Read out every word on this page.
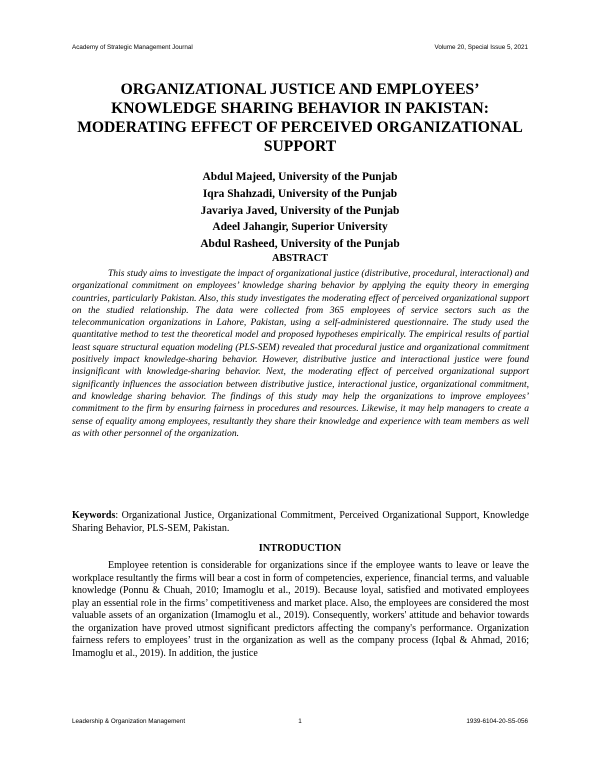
Academy of Strategic Management Journal	Volume 20, Special Issue 5, 2021
ORGANIZATIONAL JUSTICE AND EMPLOYEES’ KNOWLEDGE SHARING BEHAVIOR IN PAKISTAN: MODERATING EFFECT OF PERCEIVED ORGANIZATIONAL SUPPORT
Abdul Majeed, University of the Punjab
Iqra Shahzadi, University of the Punjab
Javariya Javed, University of the Punjab
Adeel Jahangir, Superior University
Abdul Rasheed, University of the Punjab
ABSTRACT
This study aims to investigate the impact of organizational justice (distributive, procedural, interactional) and organizational commitment on employees’ knowledge sharing behavior by applying the equity theory in emerging countries, particularly Pakistan. Also, this study investigates the moderating effect of perceived organizational support on the studied relationship. The data were collected from 365 employees of service sectors such as the telecommunication organizations in Lahore, Pakistan, using a self-administered questionnaire. The study used the quantitative method to test the theoretical model and proposed hypotheses empirically. The empirical results of partial least square structural equation modeling (PLS-SEM) revealed that procedural justice and organizational commitment positively impact knowledge-sharing behavior. However, distributive justice and interactional justice were found insignificant with knowledge-sharing behavior. Next, the moderating effect of perceived organizational support significantly influences the association between distributive justice, interactional justice, organizational commitment, and knowledge sharing behavior. The findings of this study may help the organizations to improve employees’ commitment to the firm by ensuring fairness in procedures and resources. Likewise, it may help managers to create a sense of equality among employees, resultantly they share their knowledge and experience with team members as well as with other personnel of the organization.
Keywords: Organizational Justice, Organizational Commitment, Perceived Organizational Support, Knowledge Sharing Behavior, PLS-SEM, Pakistan.
INTRODUCTION
Employee retention is considerable for organizations since if the employee wants to leave or leave the workplace resultantly the firms will bear a cost in form of competencies, experience, financial terms, and valuable knowledge (Ponnu & Chuah, 2010; Imamoglu et al., 2019). Because loyal, satisfied and motivated employees play an essential role in the firms’ competitiveness and market place. Also, the employees are considered the most valuable assets of an organization (Imamoglu et al., 2019). Consequently, workers' attitude and behavior towards the organization have proved utmost significant predictors affecting the company's performance. Organization fairness refers to employees’ trust in the organization as well as the company process (Iqbal & Ahmad, 2016; Imamoglu et al., 2019). In addition, the justice
Leadership & Organization Management	1	1939-6104-20-S5-056
